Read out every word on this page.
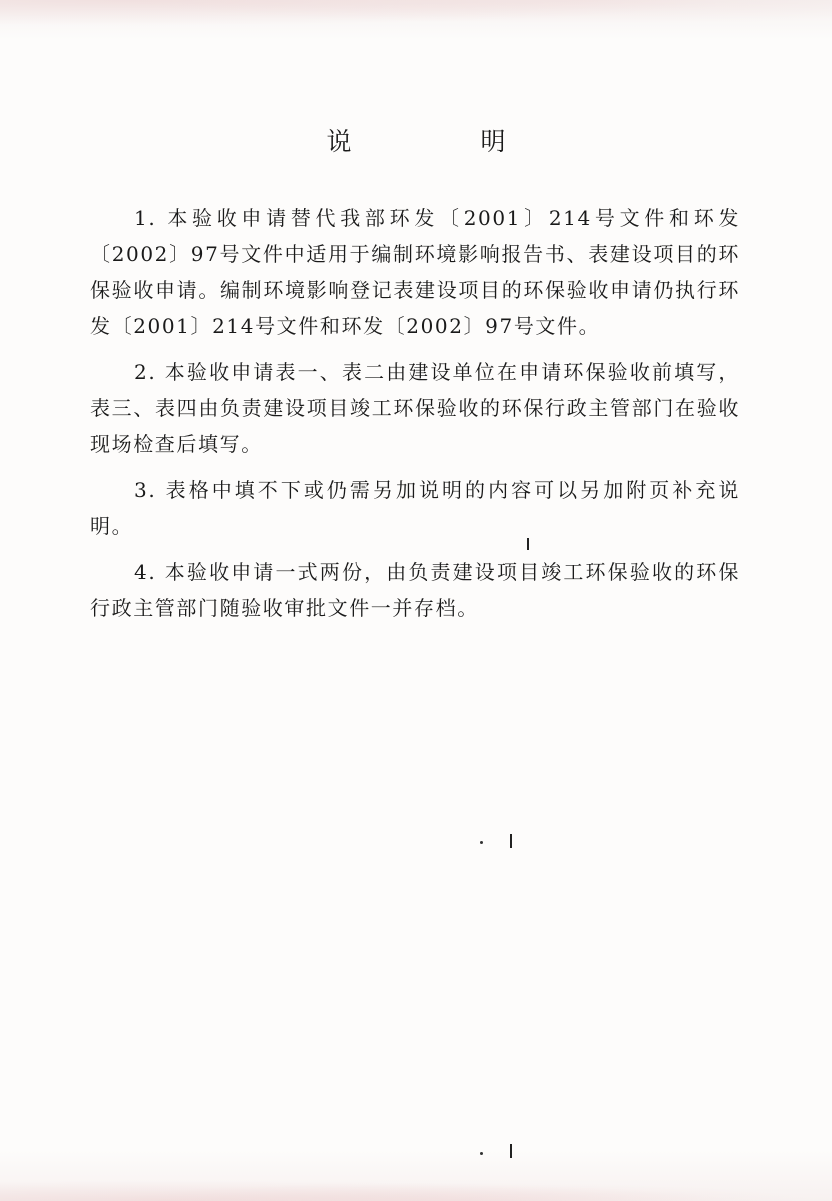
说　明

1. 本验收申请替代我部环发〔2001〕214号文件和环发〔2002〕97号文件中适用于编制环境影响报告书、表建设项目的环保验收申请。编制环境影响登记表建设项目的环保验收申请仍执行环发〔2001〕214号文件和环发〔2002〕97号文件。

2. 本验收申请表一、表二由建设单位在申请环保验收前填写，表三、表四由负责建设项目竣工环保验收的环保行政主管部门在验收现场检查后填写。

3. 表格中填不下或仍需另加说明的内容可以另加附页补充说明。

4. 本验收申请一式两份，由负责建设项目竣工环保验收的环保行政主管部门随验收审批文件一并存档。
